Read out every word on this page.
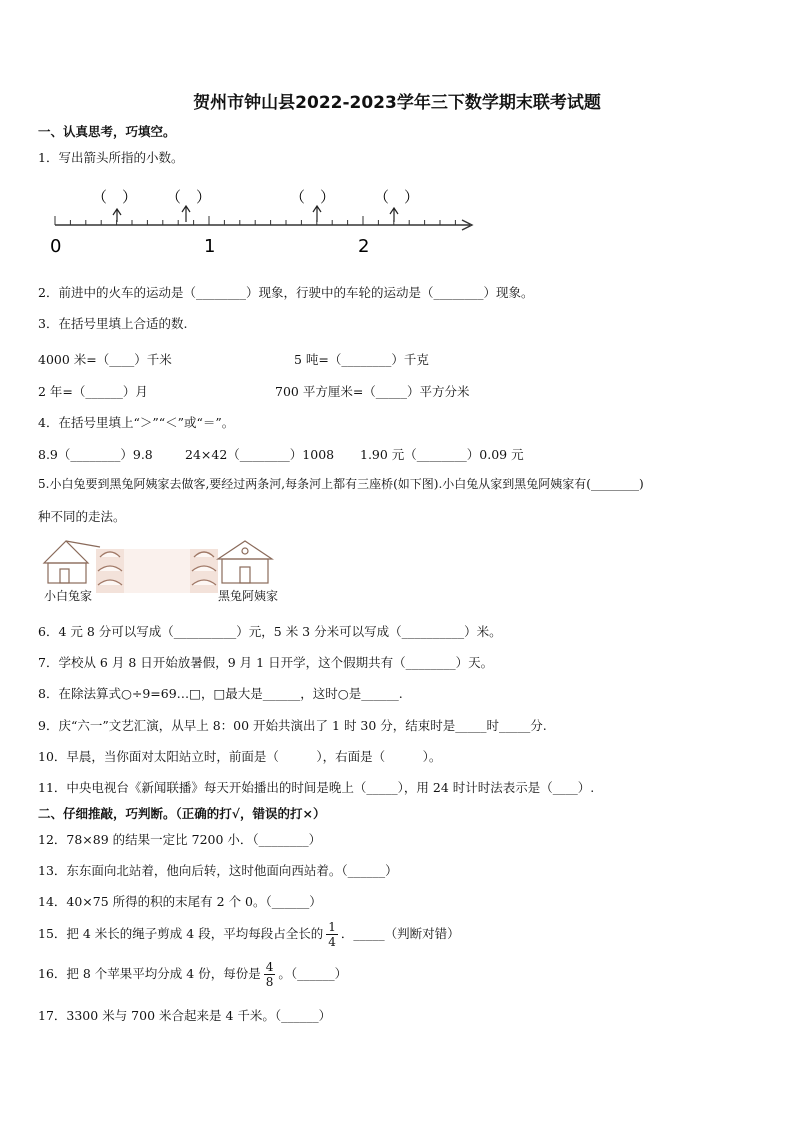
贺州市钟山县2022-2023学年三下数学期末联考试题
一、认真思考，巧填空。
1．写出箭头所指的小数。
（　） （　）	（　）	（　）
0	1	2
2．前进中的火车的运动是（________）现象，行驶中的车轮的运动是（________）现象。
3．在括号里填上合适的数.
4000 米=（____）千米	5 吨=（________）千克
2 年=（______）月	700 平方厘米=（_____）平方分米
4．在括号里填上“＞”“＜”或“＝”。
8.9（________）9.8	24×42（________）1008 1.90 元（________）0.09 元
5.小白兔要到黑兔阿姨家去做客,要经过两条河,每条河上都有三座桥(如下图).小白兔从家到黑兔阿姨家有(________)
种不同的走法。
小白兔家	黑兔阿姨家
6．4 元 8 分可以写成（__________）元，5 米 3 分米可以写成（__________）米。
7．学校从 6 月 8 日开始放暑假，9 月 1 日开学，这个假期共有（________）天。
8．在除法算式○÷9=69…□，□最大是______，这时○是______.
9．庆“六一”文艺汇演，从早上 8：00 开始共演出了 1 时 30 分，结束时是_____时_____分.
10．早晨，当你面对太阳站立时，前面是（　　　），右面是（　　　）。
11．中央电视台《新闻联播》每天开始播出的时间是晚上（_____），用 24 时计时法表示是（____）.
二、仔细推敲，巧判断。（正确的打√，错误的打×）
12．78×89 的结果一定比 7200 小．（________）
13．东东面向北站着，他向后转，这时他面向西站着。（______）
14．40×75 所得的积的末尾有 2 个 0。（______）
15．把 4 米长的绳子剪成 4 段，平均每段占全长的 $\frac{1}{4}$ ．_____（判断对错）
16．把 8 个苹果平均分成 4 份，每份是 $\frac{4}{8}$ 。（______）
17．3300 米与 700 米合起来是 4 千米。（______）
